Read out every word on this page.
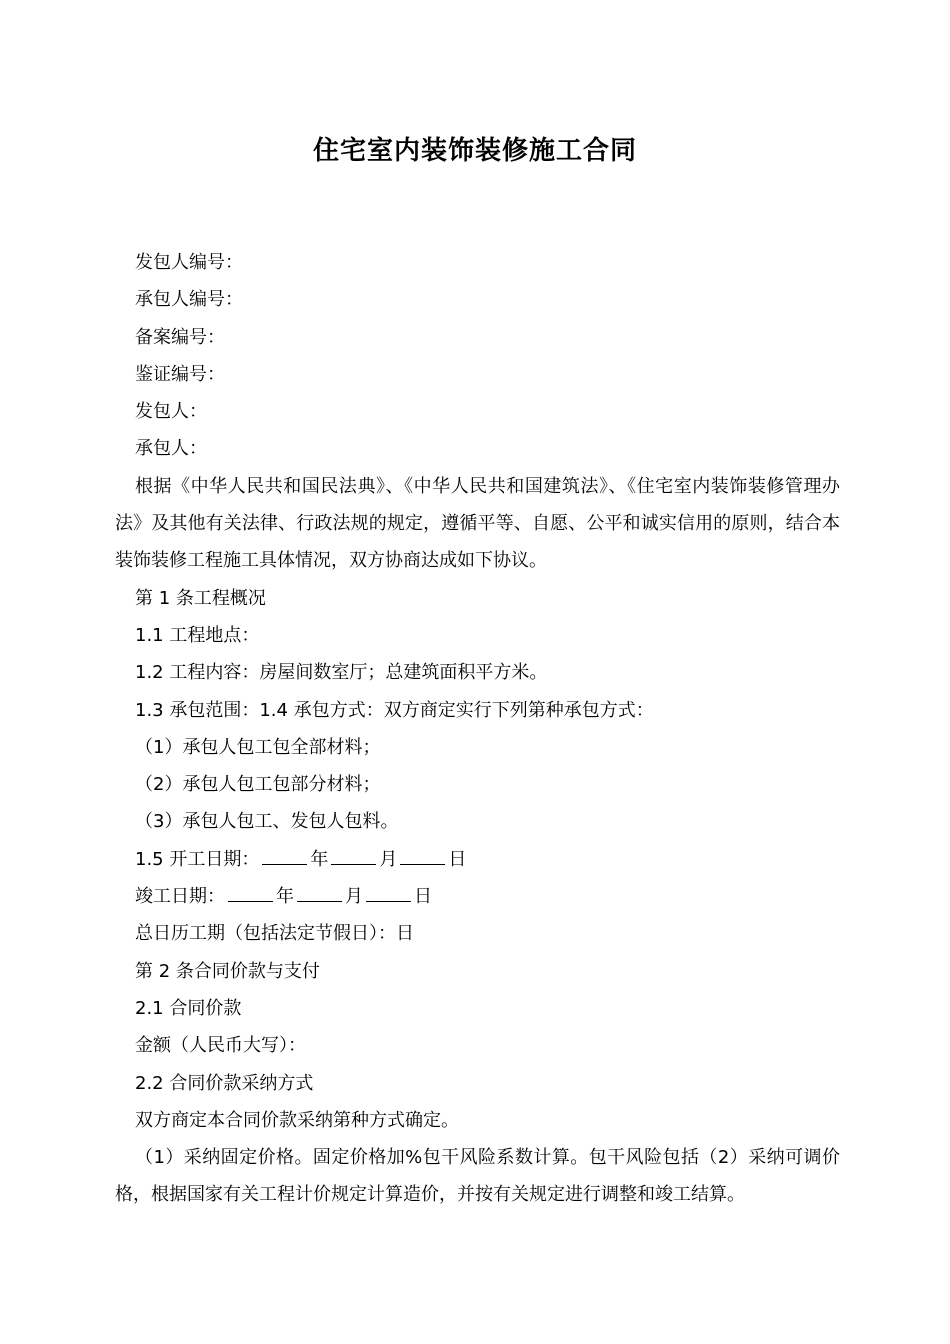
住宅室内装饰装修施工合同
发包人编号：
承包人编号：
备案编号：
鉴证编号：
发包人：
承包人：
根据《中华人民共和国民法典》、《中华人民共和国建筑法》、《住宅室内装饰装修管理办法》及其他有关法律、行政法规的规定，遵循平等、自愿、公平和诚实信用的原则，结合本装饰装修工程施工具体情况，双方协商达成如下协议。
第 1 条工程概况
1.1 工程地点：
1.2 工程内容：房屋间数室厅；总建筑面积平方米。
1.3 承包范围：1.4 承包方式：双方商定实行下列第种承包方式：
（1）承包人包工包全部材料；
（2）承包人包工包部分材料；
（3）承包人包工、发包人包料。
1.5 开工日期：	年	月	日
竣工日期：	年	月	日
总日历工期（包括法定节假日）：日
第 2 条合同价款与支付
2.1 合同价款
金额（人民币大写）：
2.2 合同价款采纳方式
双方商定本合同价款采纳第种方式确定。
（1）采纳固定价格。固定价格加%包干风险系数计算。包干风险包括（2）采纳可调价格，根据国家有关工程计价规定计算造价，并按有关规定进行调整和竣工结算。
